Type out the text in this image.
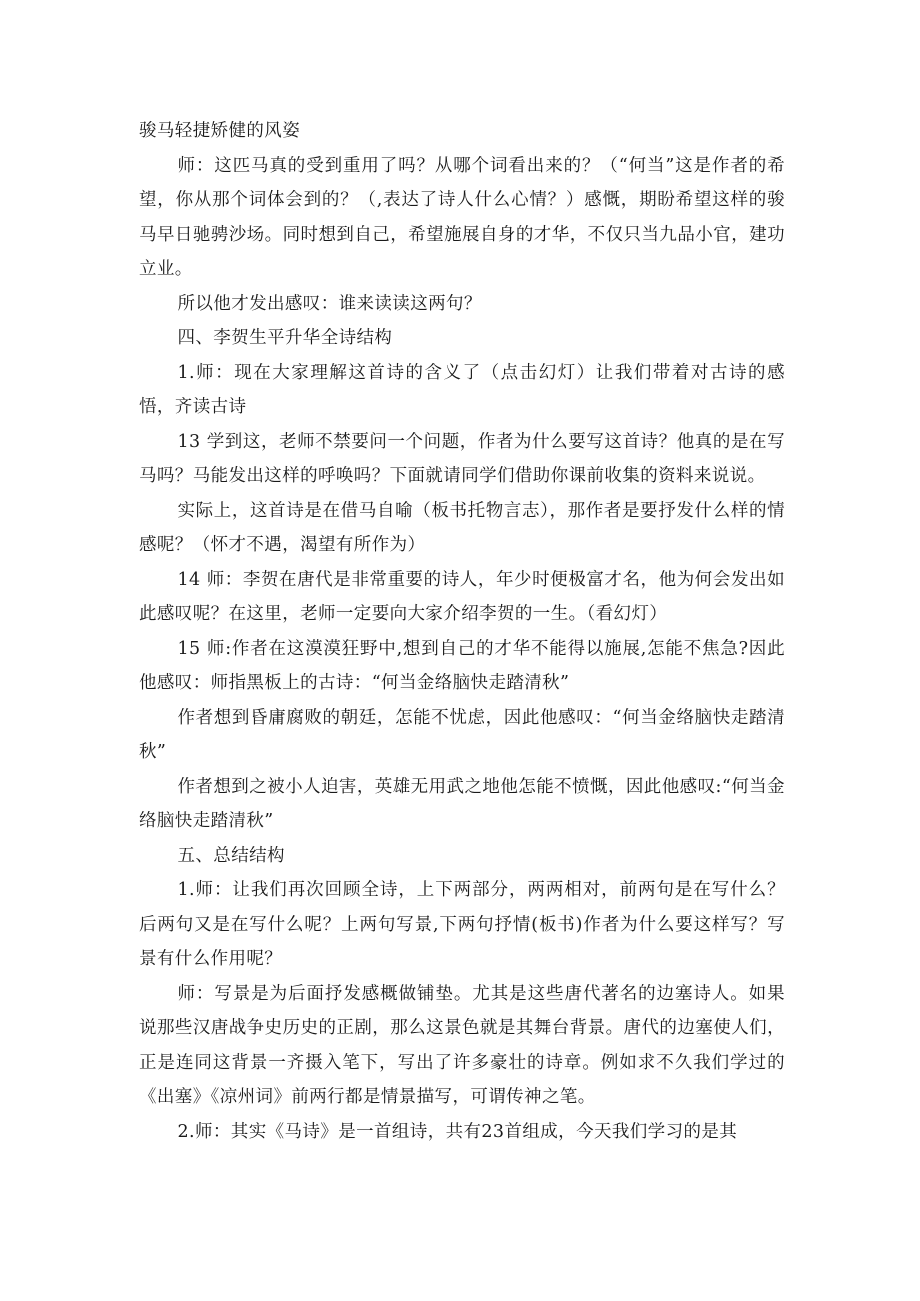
骏马轻捷矫健的风姿

师：这匹马真的受到重用了吗？从哪个词看出来的？（“何当”这是作者的希望，你从那个词体会到的？（,表达了诗人什么心情？）感慨，期盼希望这样的骏马早日驰骋沙场。同时想到自己，希望施展自身的才华，不仅只当九品小官，建功立业。

所以他才发出感叹：谁来读读这两句？

四、李贺生平升华全诗结构

1.师：现在大家理解这首诗的含义了（点击幻灯）让我们带着对古诗的感悟，齐读古诗

13 学到这，老师不禁要问一个问题，作者为什么要写这首诗？他真的是在写马吗？马能发出这样的呼唤吗？下面就请同学们借助你课前收集的资料来说说。

实际上，这首诗是在借马自喻（板书托物言志），那作者是要抒发什么样的情感呢？（怀才不遇，渴望有所作为）

14 师：李贺在唐代是非常重要的诗人，年少时便极富才名，他为何会发出如此感叹呢？在这里，老师一定要向大家介绍李贺的一生。（看幻灯）

15 师:作者在这漠漠狂野中,想到自己的才华不能得以施展,怎能不焦急?因此他感叹：师指黑板上的古诗：“何当金络脑快走踏清秋”

作者想到昏庸腐败的朝廷，怎能不忧虑，因此他感叹：“何当金络脑快走踏清秋”

作者想到之被小人迫害，英雄无用武之地他怎能不愤慨，因此他感叹:“何当金络脑快走踏清秋”

五、总结结构

1.师：让我们再次回顾全诗，上下两部分，两两相对，前两句是在写什么？后两句又是在写什么呢？上两句写景,下两句抒情(板书)作者为什么要这样写？写景有什么作用呢？

师：写景是为后面抒发感概做铺垫。尤其是这些唐代著名的边塞诗人。如果说那些汉唐战争史历史的正剧，那么这景色就是其舞台背景。唐代的边塞使人们，正是连同这背景一齐摄入笔下，写出了许多豪壮的诗章。例如求不久我们学过的《出塞》《凉州词》前两行都是情景描写，可谓传神之笔。

2.师：其实《马诗》是一首组诗，共有23首组成，今天我们学习的是其
